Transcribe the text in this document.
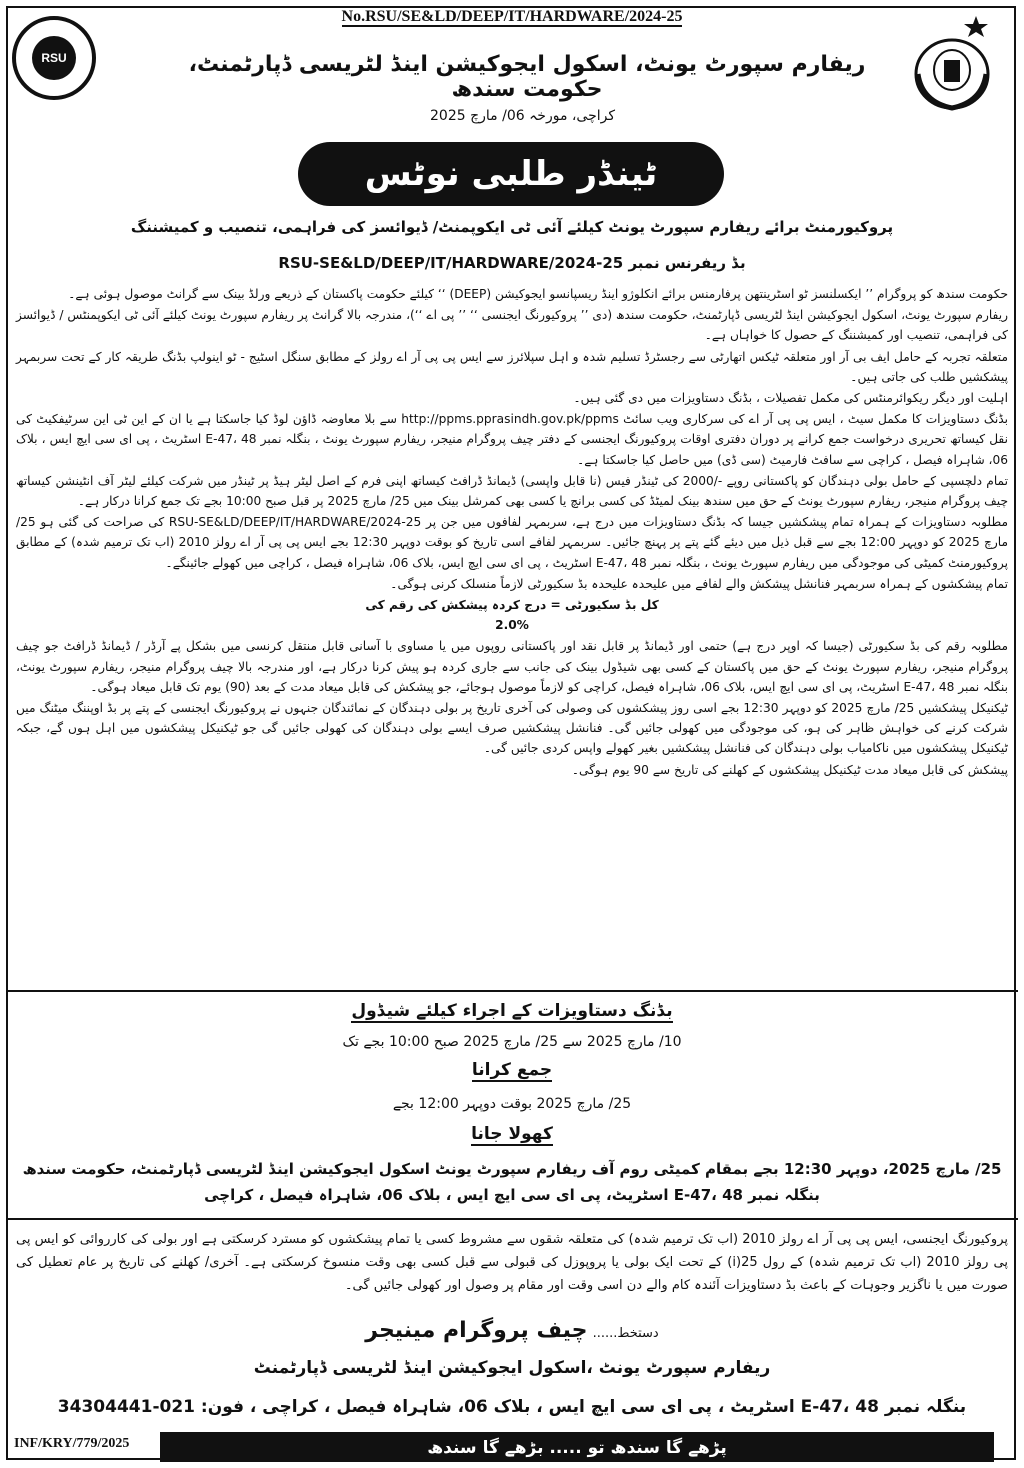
No.RSU/SE&LD/DEEP/IT/HARDWARE/2024-25
RSU	ریفارم سپورٹ یونٹ، اسکول ایجوکیشن اینڈ لٹریسی ڈپارٹمنٹ، حکومت سندھ
کراچی، مورخہ 06/ مارچ 2025
ٹینڈر طلبی نوٹس
پروکیورمنٹ برائے ریفارم سپورٹ یونٹ کیلئے آئی ٹی ایکوپمنٹ/ ڈیوائسز کی فراہمی، تنصیب و کمیشننگ
بڈ ریفرنس نمبر RSU-SE&LD/DEEP/IT/HARDWARE/2024-25

حکومت سندھ کو پروگرام ’’ ایکسلنسز ٹو اسٹرینتھن پرفارمنس برائے انکلوژو اینڈ ریسپانسو ایجوکیشن (DEEP) ‘‘ کیلئے حکومت پاکستان کے ذریعے ورلڈ بینک سے گرانٹ موصول ہوئی ہے۔

ریفارم سپورٹ یونٹ، اسکول ایجوکیشن اینڈ لٹریسی ڈپارٹمنٹ، حکومت سندھ (دی ’’ پروکیورنگ ایجنسی ‘‘ ’’ پی اے ‘‘)، مندرجہ بالا گرانٹ پر ریفارم سپورٹ یونٹ کیلئے آئی ٹی ایکوپمنٹس / ڈیوائسز کی فراہمی، تنصیب اور کمیشننگ کے حصول کا خواہاں ہے۔

متعلقہ تجربہ کے حامل ایف بی آر اور متعلقہ ٹیکس اتھارٹی سے رجسٹرڈ تسلیم شدہ و اہل سپلائرز سے ایس پی پی آر اے رولز کے مطابق سنگل اسٹیج - ٹو اینولپ بڈنگ طریقہ کار کے تحت سربمہر پیشکشیں طلب کی جاتی ہیں۔

اہلیت اور دیگر ریکوائرمنٹس کی مکمل تفصیلات ، بڈنگ دستاویزات میں دی گئی ہیں۔

بڈنگ دستاویزات کا مکمل سیٹ ، ایس پی پی آر اے کی سرکاری ویب سائٹ http://ppms.pprasindh.gov.pk/ppms سے بلا معاوضہ ڈاؤن لوڈ کیا جاسکتا ہے یا ان کے این ٹی این سرٹیفکیٹ کی نقل کیساتھ تحریری درخواست جمع کرانے پر دوران دفتری اوقات پروکیورنگ ایجنسی کے دفتر چیف پروگرام منیجر، ریفارم سپورٹ یونٹ ، بنگلہ نمبر E-47، 48 اسٹریٹ ، پی ای سی ایچ ایس ، بلاک 06، شاہراہ فیصل ، کراچی سے سافٹ فارمیٹ (سی ڈی) میں حاصل کیا جاسکتا ہے۔

تمام دلچسپی کے حامل بولی دہندگان کو پاکستانی روپے -/2000 کی ٹینڈر فیس (نا قابل واپسی) ڈیمانڈ ڈرافٹ کیساتھ اپنی فرم کے اصل لیٹر ہیڈ پر ٹینڈر میں شرکت کیلئے لیٹر آف انٹینشن کیساتھ چیف پروگرام منیجر، ریفارم سپورٹ یونٹ کے حق میں سندھ بینک لمیٹڈ کی کسی برانچ یا کسی بھی کمرشل بینک میں 25/ مارچ 2025 پر قبل صبح 10:00 بجے تک جمع کرانا درکار ہے۔

مطلوبہ دستاویزات کے ہمراہ تمام پیشکشیں جیسا کہ بڈنگ دستاویزات میں درج ہے، سربمہر لفافوں میں جن پر RSU-SE&LD/DEEP/IT/HARDWARE/2024-25 کی صراحت کی گئی ہو 25/ مارچ 2025 کو دوپہر 12:00 بجے سے قبل ذیل میں دیئے گئے پتے پر پہنچ جائیں۔ سربمہر لفافے اسی تاریخ کو بوقت دوپہر 12:30 بجے ایس پی پی آر اے رولز 2010 (اب تک ترمیم شدہ) کے مطابق پروکیورمنٹ کمیٹی کی موجودگی میں ریفارم سپورٹ یونٹ ، بنگلہ نمبر E-47، 48 اسٹریٹ ، پی ای سی ایچ ایس، بلاک 06، شاہراہ فیصل ، کراچی میں کھولے جائینگے۔

تمام پیشکشوں کے ہمراہ سربمہر فنانشل پیشکش والے لفافے میں علیحدہ علیحدہ بڈ سکیورٹی لازماً منسلک کرنی ہوگی۔

کل بڈ سکیورٹی = درج کردہ پیشکش کی رقم کی
2.0%

مطلوبہ رقم کی بڈ سکیورٹی (جیسا کہ اوپر درج ہے) حتمی اور ڈیمانڈ پر قابل نقد اور پاکستانی روپوں میں یا مساوی با آسانی قابل منتقل کرنسی میں بشکل پے آرڈر / ڈیمانڈ ڈرافٹ جو چیف پروگرام منیجر، ریفارم سپورٹ یونٹ کے حق میں پاکستان کے کسی بھی شیڈول بینک کی جانب سے جاری کردہ ہو پیش کرنا درکار ہے، اور مندرجہ بالا چیف پروگرام منیجر، ریفارم سپورٹ یونٹ، بنگلہ نمبر E-47، 48 اسٹریٹ، پی ای سی ایچ ایس، بلاک 06، شاہراہ فیصل، کراچی کو لازماً موصول ہوجائے، جو پیشکش کی قابل میعاد مدت کے بعد (90) یوم تک قابل میعاد ہوگی۔

ٹیکنیکل پیشکشیں 25/ مارچ 2025 کو دوپہر 12:30 بجے اسی روز پیشکشوں کی وصولی کی آخری تاریخ پر بولی دہندگان کے نمائندگان جنہوں نے پروکیورنگ ایجنسی کے پتے پر بڈ اوپننگ میٹنگ میں شرکت کرنے کی خواہش ظاہر کی ہو، کی موجودگی میں کھولی جائیں گی۔ فنانشل پیشکشیں صرف ایسے بولی دہندگان کی کھولی جائیں گی جو ٹیکنیکل پیشکشوں میں اہل ہوں گے، جبکہ ٹیکنیکل پیشکشوں میں ناکامیاب بولی دہندگان کی فنانشل پیشکشیں بغیر کھولے واپس کردی جائیں گی۔

پیشکش کی قابل میعاد مدت ٹیکنیکل پیشکشوں کے کھلنے کی تاریخ سے 90 یوم ہوگی۔

بڈنگ دستاویزات کے اجراء کیلئے شیڈول
10/ مارچ 2025 سے 25/ مارچ 2025 صبح 10:00 بجے تک
جمع کرانا
25/ مارچ 2025 بوقت دوپہر 12:00 بجے
کھولا جانا
25/ مارچ 2025، دوپہر 12:30 بجے بمقام کمیٹی روم آف ریفارم سپورٹ یونٹ اسکول ایجوکیشن اینڈ لٹریسی ڈپارٹمنٹ، حکومت سندھ
بنگلہ نمبر E-47، 48 اسٹریٹ، پی ای سی ایچ ایس ، بلاک 06، شاہراہ فیصل ، کراچی
پروکیورنگ ایجنسی، ایس پی پی آر اے رولز 2010 (اب تک ترمیم شدہ) کی متعلقہ شقوں سے مشروط کسی یا تمام پیشکشوں کو مسترد کرسکتی ہے اور بولی کی کارروائی کو ایس پی پی رولز 2010 (اب تک ترمیم شدہ) کے رول 25(i) کے تحت ایک بولی یا پروپوزل کی قبولی سے قبل کسی بھی وقت منسوخ کرسکتی ہے۔ آخری/ کھلنے کی تاریخ پر عام تعطیل کی صورت میں یا ناگزیر وجوہات کے باعث بڈ دستاویزات آئندہ کام والے دن اسی وقت اور مقام پر وصول اور کھولی جائیں گی۔
دستخط...... چیف پروگرام مینیجر
ریفارم سپورٹ یونٹ ،اسکول ایجوکیشن اینڈ لٹریسی ڈپارٹمنٹ
بنگلہ نمبر E-47، 48 اسٹریٹ ، پی ای سی ایچ ایس ، بلاک 06، شاہراہ فیصل ، کراچی ، فون: 021-34304441
INF/KRY/779/2025	پڑھے گا سندھ تو ..... بڑھے گا سندھ
